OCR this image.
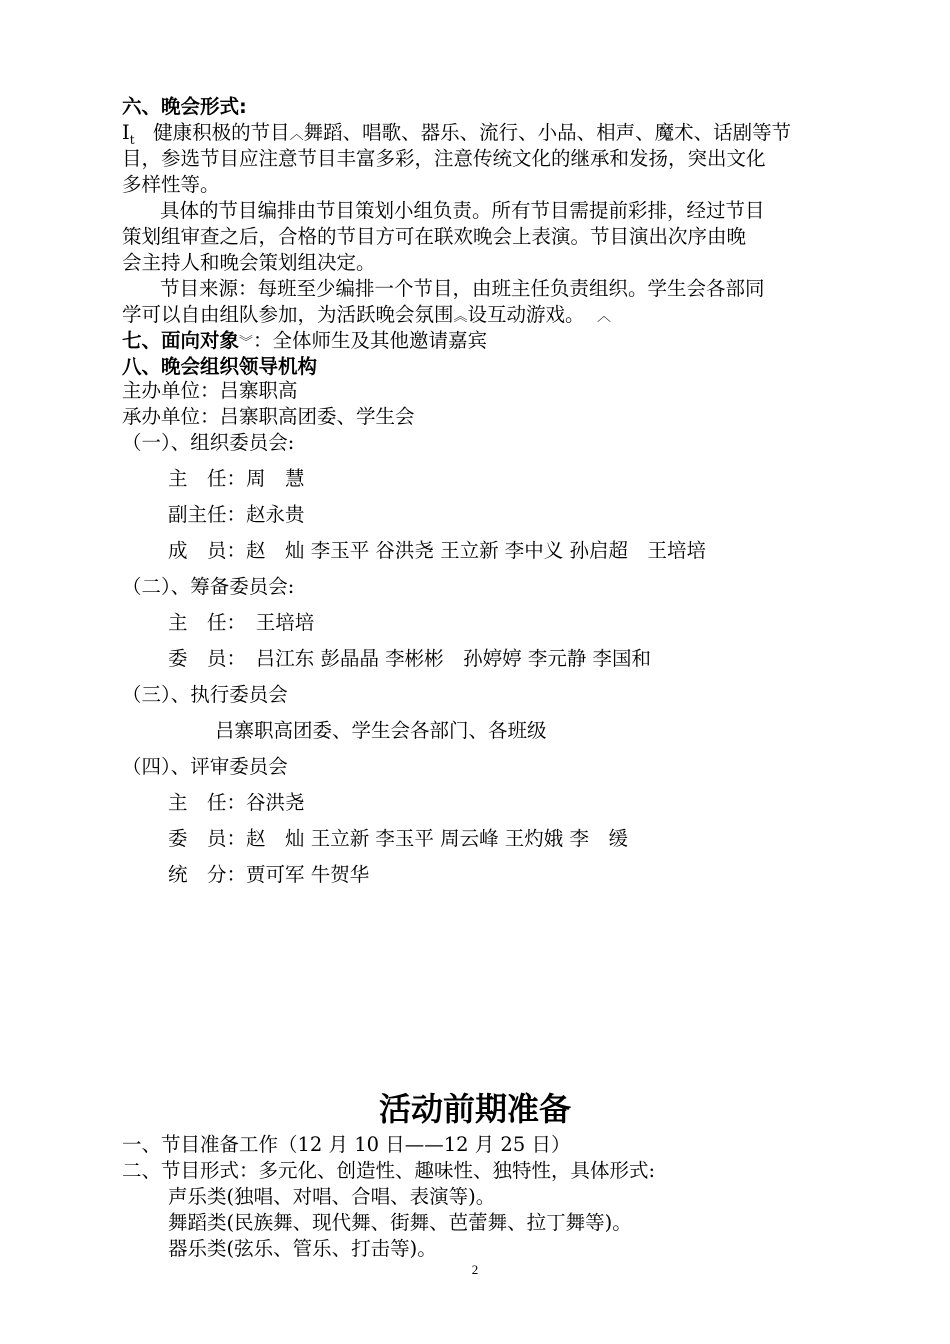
六、晚会形式:
$I_t$ 健康积极的节目︿舞蹈、唱歌、器乐、流行、小品、相声、魔术、话剧等节
目，参选节目应注意节目丰富多彩，注意传统文化的继承和发扬，突出文化
多样性等。
具体的节目编排由节目策划小组负责。所有节目需提前彩排，经过节目
策划组审查之后，合格的节目方可在联欢晚会上表演。节目演出次序由晚
会主持人和晚会策划组决定。
节目来源：每班至少编排一个节目，由班主任负责组织。学生会各部同
学可以自由组队参加，为活跃晚会氛围︽设互动游戏。 ︿
七、面向对象︾：全体师生及其他邀请嘉宾
八、晚会组织领导机构
主办单位：吕寨职高
承办单位：吕寨职高团委、学生会
（一）、组织委员会:
主　任：周　慧
副主任：赵永贵
成　员：赵　灿 李玉平 谷洪尧 王立新 李中义 孙启超　王培培
（二）、筹备委员会:
主　任：　王培培
委　员：　吕江东 彭晶晶 李彬彬　孙婷婷 李元静 李国和
（三）、执行委员会
吕寨职高团委、学生会各部门、各班级
（四）、评审委员会
主　任：谷洪尧
委　员：赵　灿 王立新 李玉平 周云峰 王灼娥 李　缓
统　分：贾可军 牛贺华
活动前期准备
一、节目准备工作（12 月 10 日——12 月 25 日）
二、节目形式：多元化、创造性、趣味性、独特性，具体形式:
声乐类(独唱、对唱、合唱、表演等)。
舞蹈类(民族舞、现代舞、街舞、芭蕾舞、拉丁舞等)。
器乐类(弦乐、管乐、打击等)。
2
